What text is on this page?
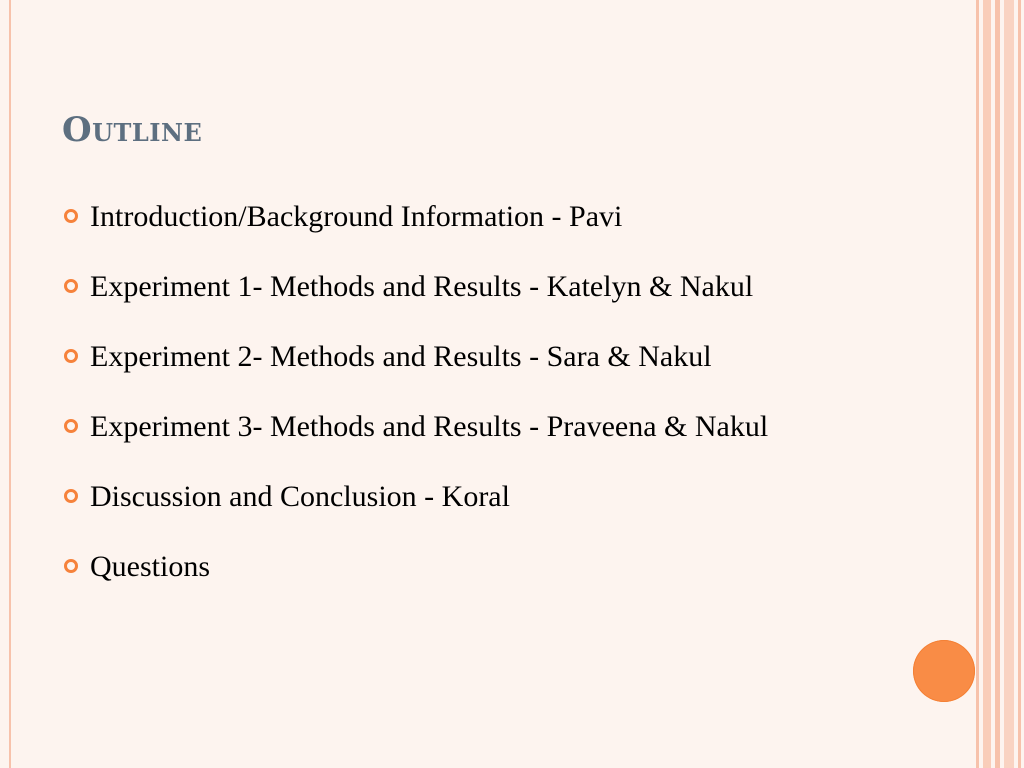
Outline
Introduction/Background Information - Pavi
Experiment 1- Methods and Results - Katelyn & Nakul
Experiment 2- Methods and Results - Sara & Nakul
Experiment 3- Methods and Results - Praveena & Nakul
Discussion and Conclusion - Koral
Questions
